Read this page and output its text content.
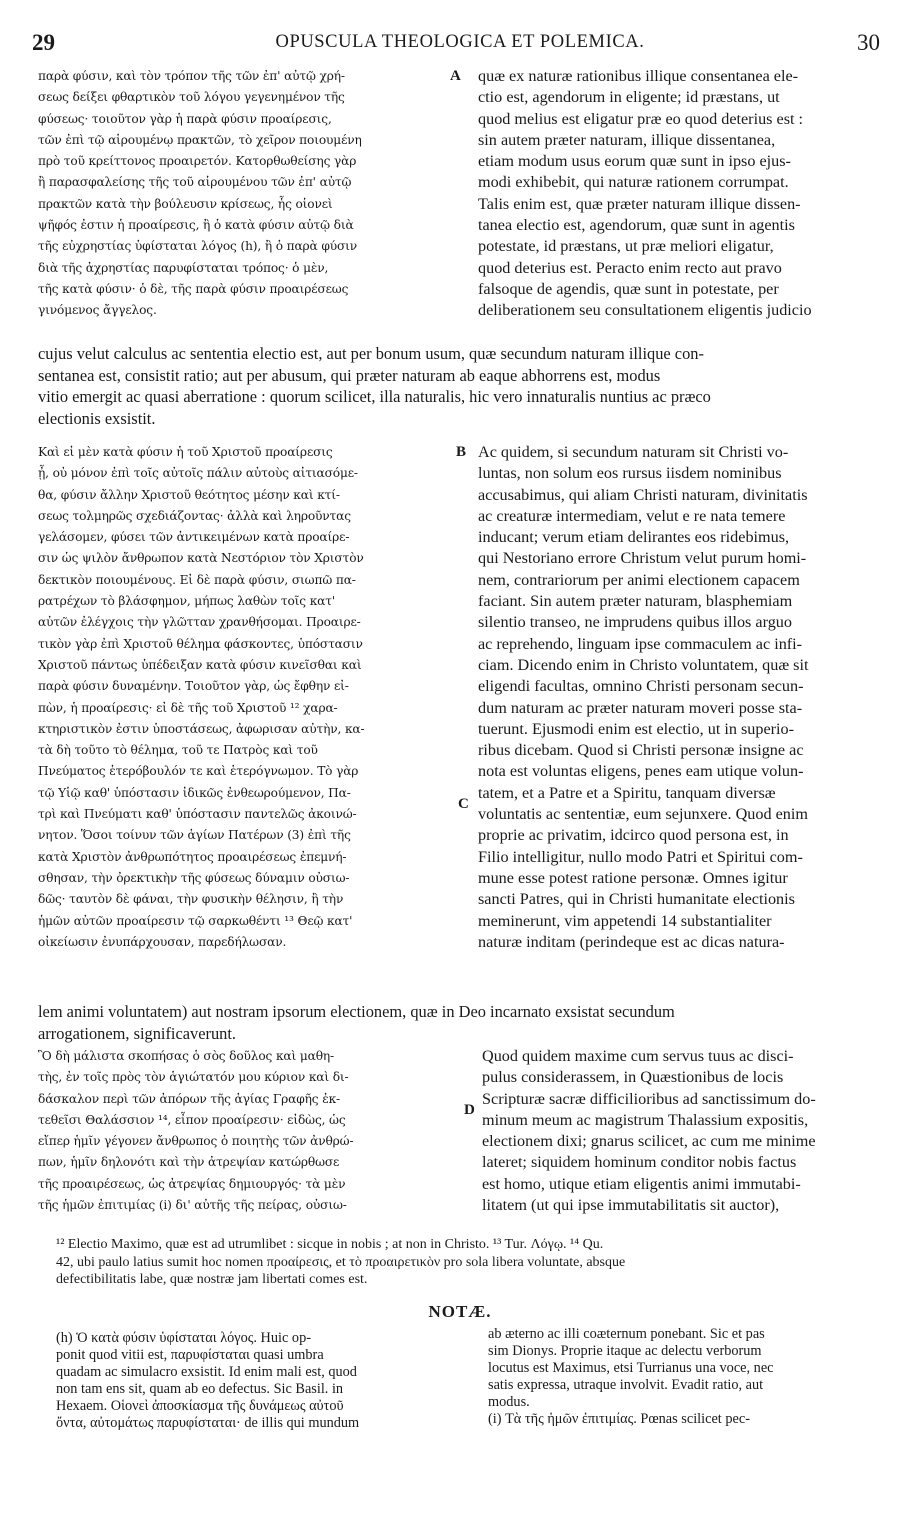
29	OPUSCULA THEOLOGICA ET POLEMICA.	30
παρὰ φύσιν, καὶ τὸν τρόπον τῆς τῶν ἐπ' αὐτῷ χρή-
σεως δείξει φθαρτικὸν τοῦ λόγου γεγενημένον τῆς
φύσεως· τοιοῦτον γὰρ ἡ παρὰ φύσιν προαίρεσις,
τῶν ἐπὶ τῷ αἱρουμένῳ πρακτῶν, τὸ χεῖρον ποιουμένη
πρὸ τοῦ κρείττονος προαιρετόν. Κατορθωθείσης γὰρ
ἢ παρασφαλείσης τῆς τοῦ αἱρουμένου τῶν ἐπ' αὐτῷ
πρακτῶν κατὰ τὴν βούλευσιν κρίσεως, ἧς οἱονεὶ
ψῆφός ἐστιν ἡ προαίρεσις, ἢ ὁ κατὰ φύσιν αὐτῷ διὰ
τῆς εὐχρηστίας ὑφίσταται λόγος (h), ἢ ὁ παρὰ φύσιν
διὰ τῆς ἀχρηστίας παρυφίσταται τρόπος· ὁ μὲν,
τῆς κατὰ φύσιν· ὁ δὲ, τῆς παρὰ φύσιν προαιρέσεως
γινόμενος ἄγγελος.
A quæ ex naturæ rationibus illique consentanea ele-
ctio est, agendorum in eligente; id præstans, ut
quod melius est eligatur præ eo quod deterius est :
sin autem præter naturam, illique dissentanea,
etiam modum usus eorum quæ sunt in ipso ejus-
modi exhibebit, qui naturæ rationem corrumpat.
Talis enim est, quæ præter naturam illique dissen-
tanea electio est, agendorum, quæ sunt in agentis
potestate, id præstans, ut præ meliori eligatur,
quod deterius est. Peracto enim recto aut pravo
falsoque de agendis, quæ sunt in potestate, per
deliberationem seu consultationem eligentis judicio
cujus velut calculus ac sententia electio est, aut per bonum usum, quæ secundum naturam illique con-
sentanea est, consistit ratio; aut per abusum, qui præter naturam ab eaque abhorrens est, modus
vitio emergit ac quasi aberratione : quorum scilicet, illa naturalis, hic vero innaturalis nuntius ac præco
electionis exsistit.
Καὶ εἰ μὲν κατὰ φύσιν ἡ τοῦ Χριστοῦ προαίρεσις
ᾖ, οὐ μόνον ἐπὶ τοῖς αὐτοῖς πάλιν αὐτοὺς αἰτιασόμε-
θα, φύσιν ἄλλην Χριστοῦ θεότητος μέσην καὶ κτί-
σεως τολμηρῶς σχεδιάζοντας· ἀλλὰ καὶ ληροῦντας
γελάσομεν, φύσει τῶν ἀντικειμένων κατὰ προαίρε-
σιν ὡς ψιλὸν ἄνθρωπον κατὰ Νεστόριον τὸν Χριστὸν
δεκτικὸν ποιουμένους. Εἰ δὲ παρὰ φύσιν, σιωπῶ πα-
ρατρέχων τὸ βλάσφημον, μήπως λαθὼν τοῖς κατ'
αὐτῶν ἐλέγχοις τὴν γλῶτταν χρανθήσομαι. Προαιρε-
τικὸν γὰρ ἐπὶ Χριστοῦ θέλημα φάσκοντες, ὑπόστασιν
Χριστοῦ πάντως ὑπέδειξαν κατὰ φύσιν κινεῖσθαι καὶ
παρὰ φύσιν δυναμένην. Τοιοῦτον γὰρ, ὡς ἔφθην εἰ-
πὼν, ἡ προαίρεσις· εἰ δὲ τῆς τοῦ Χριστοῦ ¹² χαρα-
κτηριστικὸν ἐστιν ὑποστάσεως, ἀφωρισαν αὐτὴν, κα-
τὰ δὴ τοῦτο τὸ θέλημα, τοῦ τε Πατρὸς καὶ τοῦ
Πνεύματος ἑτερόβουλόν τε καὶ ἑτερόγνωμον. Τὸ γὰρ
τῷ Υἱῷ καθ' ὑπόστασιν ἰδικῶς ἐνθεωρούμενον, Πα-
τρὶ καὶ Πνεύματι καθ' ὑπόστασιν παντελῶς ἀκοινώ-
νητον. Ὅσοι τοίνυν τῶν ἁγίων Πατέρων (3) ἐπὶ τῆς
κατὰ Χριστὸν ἀνθρωπότητος προαιρέσεως ἐπεμνή-
σθησαν, τὴν ὀρεκτικὴν τῆς φύσεως δύναμιν οὐσιω-
δῶς· ταυτὸν δὲ φάναι, τὴν φυσικὴν θέλησιν, ἢ τὴν
ἡμῶν αὐτῶν προαίρεσιν τῷ σαρκωθέντι ¹³ Θεῷ κατ'
οἰκείωσιν ἐνυπάρχουσαν, παρεδήλωσαν.
B Ac quidem, si secundum naturam sit Christi vo-
luntas, non solum eos rursus iisdem nominibus
accusabimus, qui aliam Christi naturam, divinitatis
ac creaturæ intermediam, velut e re nata temere
inducant; verum etiam delirantes eos ridebimus,
qui Nestoriano errore Christum velut purum homi-
nem, contrariorum per animi electionem capacem
faciant. Sin autem præter naturam, blasphemiam
silentio transeo, ne imprudens quibus illos arguo
ac reprehendo, linguam ipse commaculem ac infi-
ciam. Dicendo enim in Christo voluntatem, quæ sit
eligendi facultas, omnino Christi personam secun-
dum naturam ac præter naturam moveri posse sta-
tuerunt. Ejusmodi enim est electio, ut in superio-
ribus dicebam. Quod si Christi personæ insigne ac
nota est voluntas eligens, penes eam utique volun-
tatem, et a Patre et a Spiritu, tanquam diversæ
voluntatis ac sententiæ, eum sejunxere. Quod enim
proprie ac privatim, idcirco quod persona est, in
Filio intelligitur, nullo modo Patri et Spiritui com-
mune esse potest ratione personæ. Omnes igitur
sancti Patres, qui in Christi humanitate electionis
meminerunt, vim appetendi 14 substantialiter
naturæ inditam (perindeque est ac dicas natura-
C
lem animi voluntatem) aut nostram ipsorum electionem, quæ in Deo incarnato exsistat secundum
arrogationem, significaverunt.
Ὃ δὴ μάλιστα σκοπήσας ὁ σὸς δοῦλος καὶ μαθη-
τὴς, ἐν τοῖς πρὸς τὸν ἁγιώτατόν μου κύριον καὶ δι-
δάσκαλον περὶ τῶν ἀπόρων τῆς ἁγίας Γραφῆς ἐκ-
τεθεῖσι Θαλάσσιον ¹⁴, εἶπον προαίρεσιν· εἰδὼς, ὡς
εἴπερ ἡμῖν γέγονεν ἄνθρωπος ὁ ποιητὴς τῶν ἀνθρώ-
πων, ἡμῖν δηλονότι καὶ τὴν ἀτρεψίαν κατώρθωσε
τῆς προαιρέσεως, ὡς ἀτρεψίας δημιουργός· τὰ μὲν
τῆς ἡμῶν ἐπιτιμίας (i) δι' αὐτῆς τῆς πείρας, οὐσιω-
D
Quod quidem maxime cum servus tuus ac disci-
pulus considerassem, in Quæstionibus de locis
Scripturæ sacræ difficilioribus ad sanctissimum do-
minum meum ac magistrum Thalassium expositis,
electionem dixi; gnarus scilicet, ac cum me minime
lateret; siquidem hominum conditor nobis factus
est homo, utique etiam eligentis animi immutabi-
litatem (ut qui ipse immutabilitatis sit auctor),
¹² Electio Maximo, quæ est ad utrumlibet : sicque in nobis ; at non in Christo. ¹³ Tur. Λόγῳ. ¹⁴ Qu.
42, ubi paulo latius sumit hoc nomen προαίρεσις, et τὸ προαιρετικὸν pro sola libera voluntate, absque
defectibilitatis labe, quæ nostræ jam libertati comes est.
NOTÆ.
(h) Ὁ κατὰ φύσιν ὑφίσταται λόγος. Huic op-
ponit quod vitii est, παρυφίσταται quasi umbra
quadam ac simulacro exsistit. Id enim mali est, quod
non tam ens sit, quam ab eo defectus. Sic Basil. in
Hexaem. Οἱονεὶ ἀποσκίασμα τῆς δυνάμεως αὐτοῦ
ὄντα, αὐτομάτως παρυφίσταται· de illis qui mundum
ab æterno ac illi coæternum ponebant. Sic et pas
sim Dionys. Proprie itaque ac delectu verborum
locutus est Maximus, etsi Turrianus una voce, nec
satis expressa, utraque involvit. Evadit ratio, aut
modus.
(i) Τὰ τῆς ἡμῶν ἐπιτιμίας. Pœnas scilicet pec-
